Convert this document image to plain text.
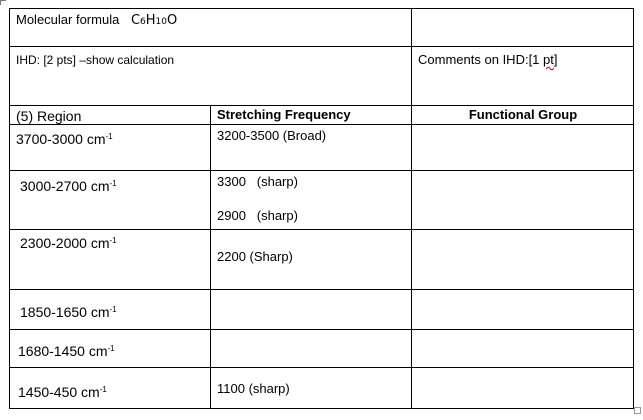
Molecular formula C6H10O		

IHD: [2 pts] –show calculation		Comments on IHD:[1 pt]

(5) Region	Stretching Frequency	Functional Group

3700-3000 $cm^{-1}$	3200-3500 (Broad)	

3000-2700 $cm^{-1}$	3300   (sharp)
2900   (sharp)	

2300-2000 $cm^{-1}$	2200 (Sharp)	

1850-1650 $cm^{-1}$

1680-1450 $cm^{-1}$

1450-450 $cm^{-1}$	1100 (sharp)	
